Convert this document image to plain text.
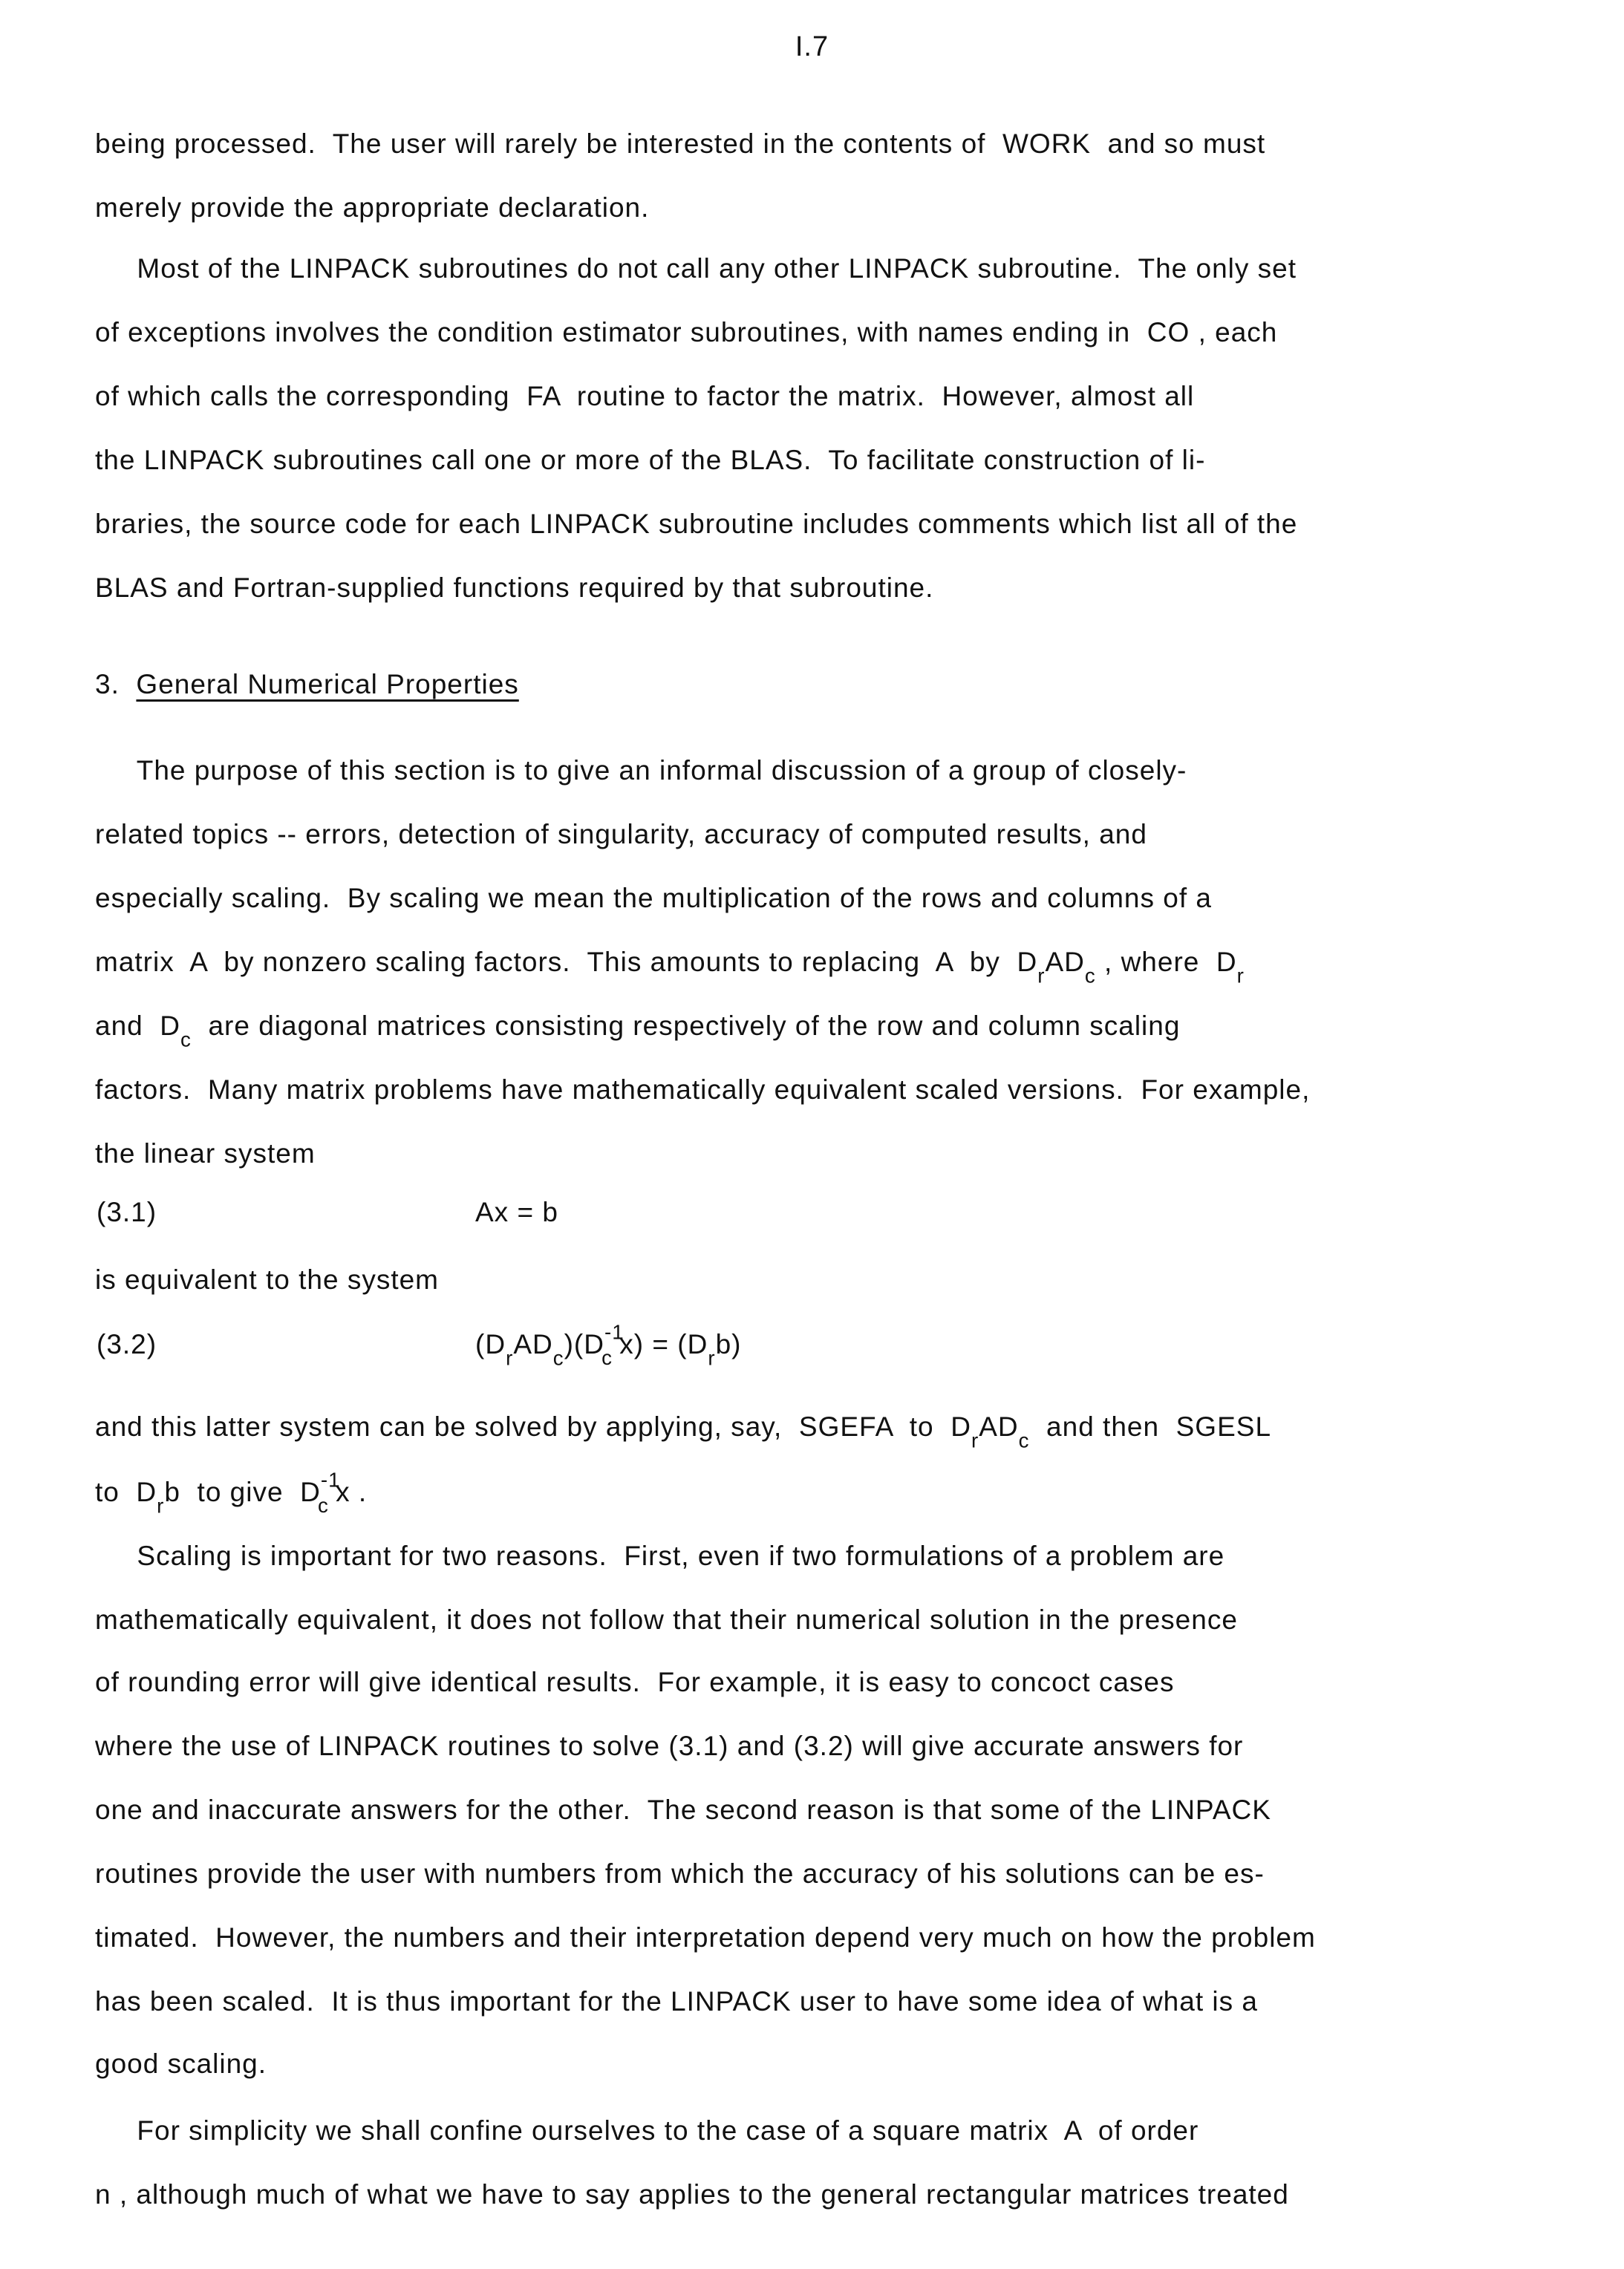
I.7
being processed.  The user will rarely be interested in the contents of  WORK  and so must
merely provide the appropriate declaration.
Most of the LINPACK subroutines do not call any other LINPACK subroutine.  The only set
of exceptions involves the condition estimator subroutines, with names ending in  CO , each
of which calls the corresponding  FA  routine to factor the matrix.  However, almost all
the LINPACK subroutines call one or more of the BLAS.  To facilitate construction of li-
braries, the source code for each LINPACK subroutine includes comments which list all of the
BLAS and Fortran-supplied functions required by that subroutine.
3. General Numerical Properties
The purpose of this section is to give an informal discussion of a group of closely-
related topics -- errors, detection of singularity, accuracy of computed results, and
especially scaling.  By scaling we mean the multiplication of the rows and columns of a
matrix  A  by nonzero scaling factors.  This amounts to replacing  A  by  $D_rAD_c$ , where  $D_r$
and  $D_c$  are diagonal matrices consisting respectively of the row and column scaling
factors.  Many matrix problems have mathematically equivalent scaled versions.  For example,
the linear system
(3.1)	Ax = b
is equivalent to the system
(3.2)	$(D_rAD_c)(D^{-1}_c$ $x) = (D_rb)$
and this latter system can be solved by applying, say,  SGEFA  to  $D_rAD_c$  and then  SGESL
to  $D_rb$  to give  $D^{-1}_c$ x .
Scaling is important for two reasons.  First, even if two formulations of a problem are
mathematically equivalent, it does not follow that their numerical solution in the presence
of rounding error will give identical results.  For example, it is easy to concoct cases
where the use of LINPACK routines to solve (3.1) and (3.2) will give accurate answers for
one and inaccurate answers for the other.  The second reason is that some of the LINPACK
routines provide the user with numbers from which the accuracy of his solutions can be es-
timated.  However, the numbers and their interpretation depend very much on how the problem
has been scaled.  It is thus important for the LINPACK user to have some idea of what is a
good scaling.
For simplicity we shall confine ourselves to the case of a square matrix  A  of order
n , although much of what we have to say applies to the general rectangular matrices treated
